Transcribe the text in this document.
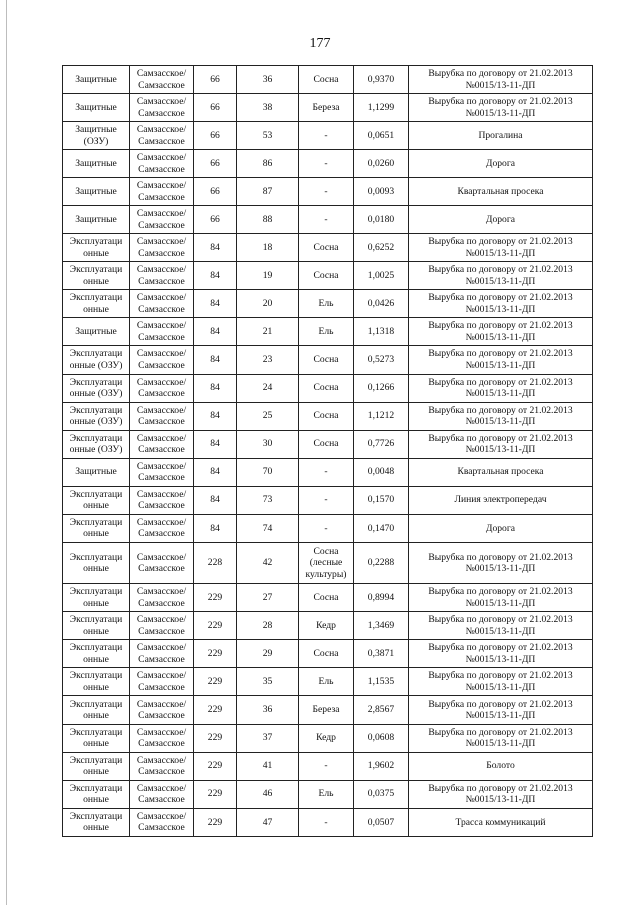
177
Защитные	Самзасское/ Самзасское	66	36	Сосна	0,9370	Вырубка по договору от 21.02.2013 №0015/13-11-ДП
Защитные	Самзасское/ Самзасское	66	38	Береза	1,1299	Вырубка по договору от 21.02.2013 №0015/13-11-ДП
Защитные (ОЗУ)	Самзасское/ Самзасское	66	53	-	0,0651	Прогалина
Защитные	Самзасское/ Самзасское	66	86	-	0,0260	Дорога
Защитные	Самзасское/ Самзасское	66	87	-	0,0093	Квартальная просека
Защитные	Самзасское/ Самзасское	66	88	-	0,0180	Дорога
Эксплуатаци онные	Самзасское/ Самзасское	84	18	Сосна	0,6252	Вырубка по договору от 21.02.2013 №0015/13-11-ДП
Эксплуатаци онные	Самзасское/ Самзасское	84	19	Сосна	1,0025	Вырубка по договору от 21.02.2013 №0015/13-11-ДП
Эксплуатаци онные	Самзасское/ Самзасское	84	20	Ель	0,0426	Вырубка по договору от 21.02.2013 №0015/13-11-ДП
Защитные	Самзасское/ Самзасское	84	21	Ель	1,1318	Вырубка по договору от 21.02.2013 №0015/13-11-ДП
Эксплуатаци онные (ОЗУ)	Самзасское/ Самзасское	84	23	Сосна	0,5273	Вырубка по договору от 21.02.2013 №0015/13-11-ДП
Эксплуатаци онные (ОЗУ)	Самзасское/ Самзасское	84	24	Сосна	0,1266	Вырубка по договору от 21.02.2013 №0015/13-11-ДП
Эксплуатаци онные (ОЗУ)	Самзасское/ Самзасское	84	25	Сосна	1,1212	Вырубка по договору от 21.02.2013 №0015/13-11-ДП
Эксплуатаци онные (ОЗУ)	Самзасское/ Самзасское	84	30	Сосна	0,7726	Вырубка по договору от 21.02.2013 №0015/13-11-ДП
Защитные	Самзасское/ Самзасское	84	70	-	0,0048	Квартальная просека
Эксплуатаци онные	Самзасское/ Самзасское	84	73	-	0,1570	Линия электропередач
Эксплуатаци онные	Самзасское/ Самзасское	84	74	-	0,1470	Дорога
Эксплуатаци онные	Самзасское/ Самзасское	228	42	Сосна (лесные культуры)	0,2288	Вырубка по договору от 21.02.2013 №0015/13-11-ДП
Эксплуатаци онные	Самзасское/ Самзасское	229	27	Сосна	0,8994	Вырубка по договору от 21.02.2013 №0015/13-11-ДП
Эксплуатаци онные	Самзасское/ Самзасское	229	28	Кедр	1,3469	Вырубка по договору от 21.02.2013 №0015/13-11-ДП
Эксплуатаци онные	Самзасское/ Самзасское	229	29	Сосна	0,3871	Вырубка по договору от 21.02.2013 №0015/13-11-ДП
Эксплуатаци онные	Самзасское/ Самзасское	229	35	Ель	1,1535	Вырубка по договору от 21.02.2013 №0015/13-11-ДП
Эксплуатаци онные	Самзасское/ Самзасское	229	36	Береза	2,8567	Вырубка по договору от 21.02.2013 №0015/13-11-ДП
Эксплуатаци онные	Самзасское/ Самзасское	229	37	Кедр	0,0608	Вырубка по договору от 21.02.2013 №0015/13-11-ДП
Эксплуатаци онные	Самзасское/ Самзасское	229	41	-	1,9602	Болото
Эксплуатаци онные	Самзасское/ Самзасское	229	46	Ель	0,0375	Вырубка по договору от 21.02.2013 №0015/13-11-ДП
Эксплуатаци онные	Самзасское/ Самзасское	229	47	-	0,0507	Трасса коммуникаций
